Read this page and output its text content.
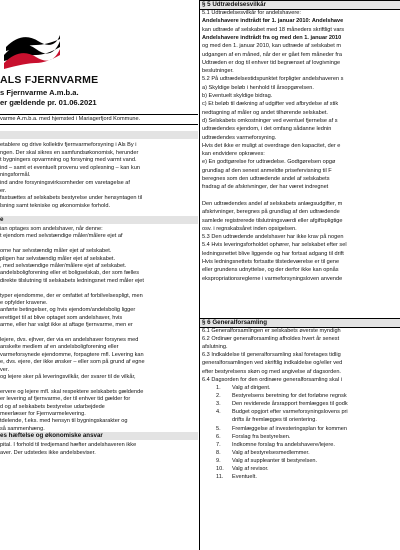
ALS FJERNVARME
s Fjernvarme A.m.b.a.
er gældende pr. 01.06.2021
varme A.m.b.a. med hjemsted i Mariagerfjord Kommune.
etablere og drive kollektiv fjernvarmeforsyning i Als By i
ngen. Der skal sikres en samfundsøkonomisk, herunder
t bygningers opvarmning og forsyning med varmt vand.
ind – samt et eventuelt provenu ved oplesning – kan kun
ningsformål.
ind andre forsyningsvirksomheder om varetagelse af
er.
fastsættes af selskabets bestyrelse under hensyntagen til
lsning samt tekniske og økonomiske forhold.
e
ian optages som andelshaver, når denne:
t ejendom med selvstændige måler/målere ejet af
orne har selvstændig måler ejet af selskabet.
pligen har selvstændig måler ejet af selskabet.
, med selvstændige måler/målere ejet af selskabet.
andelsboligforening eller et boligselskab, der som fælles
direkte tilslutning til selskabets ledningsnet med måler ejet
typer ejendomme, der er omfattet af forbilvelsespligt, men
e opfylder kravene.
anførte betingelser, og hvis ejendom/andelsbolig ligger
erettiget til at blive optaget som andelshaver, hvis
arme, eller har valgt ikke at aftage fjernvarme, men er
lejere, dvs. ejhver, der via en andelshaver forsynes med
anskelte medlem af en andelsboligforening eller
varmeforsynede ejendomme, forpagtere mfl. Levering kan
e, dvs. ejere, der ikke ønsker – eller som på grund af egne
ver.
og lejere sker på leveringsvilkår, der svarer til de vilkår,
ervere og lejere mfl. skal respektere selskabets gældende
er levering af fjernvarme, der til enhver tid gælder for
d og af selskabets bestyrelse udarbejdede
meerlæser for Fjernvarmelevering.
tdelende, f.eks. med hensyn til bygningskarakter og
så sammenhæng.
es hæftelse og økonomiske ansvar
pital. I forhold til tredjemand hæfter andelshaveren ikke
aver. Der udstedes ikke andelsbeviser.
§ 5 Udtrædelsesvilkår
5.1 Udtrædelsesvilkår for andelshavere:
Andelshavere indtrådt før 1. januar 2010: Andelshave
kan udtræde af selskabet med 18 måneders skriftligt vars
Andelshavere indtrådt fra og med den 1. januar 2010
og med den 1. januar 2010, kan udtræde af selskabet m
udgangen af en måned, når der er gået fem måneder fra
Udtræden er dog til enhver tid begrænset af lovgivninge
beslutninger.
5.2 På udtrædelsestidspunktet forpligter andelshaveren s
a) Skyldige beløb i henhold til årsopgørelsen.
b) Eventuelt skyldige bidrag.
c) Et beløb til dækning af udgifter ved afbrydelse af stik
nedtagning af måler og andet tilhørende selskabet.
d) Selskabets omkostninger ved eventuel fjernelse af s
udtrædendes ejendom, i det omfang sådanne lednin
udtrædendes varmeforsyning.
Hvis det ikke er muligt at overdrage den kapacitet, der e
kan endvidere opkræves:
e) En godtgørelse for udtrædelse. Godtgørelsen opgø
grundlag af den senest anmeldte prisefervisning til F
beregnes som den udtrædende andel af selskabets
fradrag af de afskrivninger, der har været indregnet
Den udtrædendes andel af selskabets anlægsudgifter, m
afskrivninger, beregnes på grundlag af den udtrædende
samlede registrerede tilslutningsværdi eller afgiftspligtige
osv. i regnskabsåret inden opsigelsen.
5.3 Den udtrædende andelshaver har ikke krav på nogen
5.4 Hvis leveringsforholdet ophører, har selskabet efter sel
ledningsnettet blive liggende og har fortsat adgang til drift
Hvis ledningsnettets fortsatte tilstedeværelse er til gene
eller grundens udnyttelse, og der derfor ikke kan opnås
ekspropriationsreglerne i varmeforsyningsloven anvende
§ 6 Generalforsamling
6.1 Generalforsamlingen er selskabets øverste myndigh
6.2 Ordinær generalforsamling afholdes hvert år senest
afslutning.
6.3 Indkaldelse til generalforsamling skal foretages tidlig
generalforsamlingen ved skriftlig indkaldelse og/eller ved
efter bestyrelsens skøn og med angivelse af dagsorden.
6.4 Dagsorden for den ordinære generalforsamling skal i
1. Valg af dirigent.
2. Bestyrelsens beretning for det forløbne regnsk
3. Den reviderede årsrapport fremlægges til godk
4. Budget opgjort efter varmeforsyningslovens pri
drifts år fremlægges til orientering.
5. Fremlæggelse af investeringsplan for kommen
6. Forslag fra bestyrelsen.
7. Indkomne forslag fra andelshavere/lejere.
8. Valg af bestyrelsesmedlemmer.
9. Valg af suppleanter til bestyrelsen.
10. Valg af revisor.
11. Eventuelt.
